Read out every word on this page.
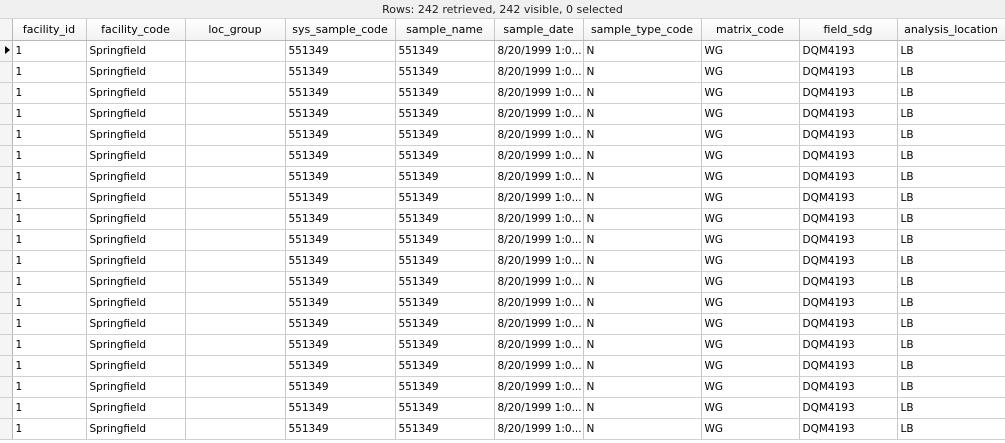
Rows: 242 retrieved, 242 visible, 0 selected
	facility_id	facility_code	loc_group	sys_sample_code	sample_name	sample_date	sample_type_code	matrix_code	field_sdg	analysis_location
	1	Springfield		551349	551349	8/20/1999 1:0...	N	WG	DQM4193	LB
	1	Springfield		551349	551349	8/20/1999 1:0...	N	WG	DQM4193	LB
	1	Springfield		551349	551349	8/20/1999 1:0...	N	WG	DQM4193	LB
	1	Springfield		551349	551349	8/20/1999 1:0...	N	WG	DQM4193	LB
	1	Springfield		551349	551349	8/20/1999 1:0...	N	WG	DQM4193	LB
	1	Springfield		551349	551349	8/20/1999 1:0...	N	WG	DQM4193	LB
	1	Springfield		551349	551349	8/20/1999 1:0...	N	WG	DQM4193	LB
	1	Springfield		551349	551349	8/20/1999 1:0...	N	WG	DQM4193	LB
	1	Springfield		551349	551349	8/20/1999 1:0...	N	WG	DQM4193	LB
	1	Springfield		551349	551349	8/20/1999 1:0...	N	WG	DQM4193	LB
	1	Springfield		551349	551349	8/20/1999 1:0...	N	WG	DQM4193	LB
	1	Springfield		551349	551349	8/20/1999 1:0...	N	WG	DQM4193	LB
	1	Springfield		551349	551349	8/20/1999 1:0...	N	WG	DQM4193	LB
	1	Springfield		551349	551349	8/20/1999 1:0...	N	WG	DQM4193	LB
	1	Springfield		551349	551349	8/20/1999 1:0...	N	WG	DQM4193	LB
	1	Springfield		551349	551349	8/20/1999 1:0...	N	WG	DQM4193	LB
	1	Springfield		551349	551349	8/20/1999 1:0...	N	WG	DQM4193	LB
	1	Springfield		551349	551349	8/20/1999 1:0...	N	WG	DQM4193	LB
	1	Springfield		551349	551349	8/20/1999 1:0...	N	WG	DQM4193	LB
